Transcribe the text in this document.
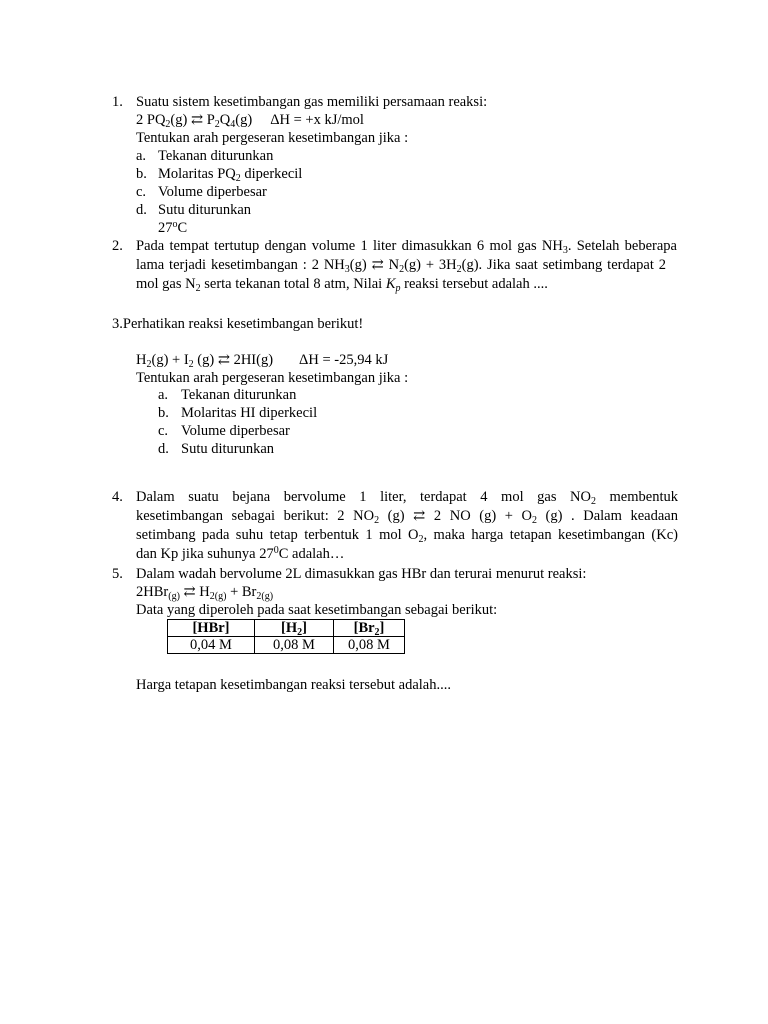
1. Suatu sistem kesetimbangan gas memiliki persamaan reaksi:
2 $PQ_2(g)$ ⇄ $P_2Q_4(g) \Delta H = +x$ kJ/mol
Tentukan arah pergeseran kesetimbangan jika :
a. Tekanan diturunkan
b. Molaritas $PQ_2$ diperkecil
c. Volume diperbesar
d. Sutu diturunkan
27$^o$C
2. Pada tempat tertutup dengan volume 1 liter dimasukkan 6 mol gas $NH_3$. Setelah beberapa
lama terjadi kesetimbangan : 2 $NH_3(g)$ ⇄ $N_2(g) + 3H_2(g)$. Jika saat setimbang terdapat 2
mol gas $N_2$ serta tekanan total 8 atm, Nilai $K_p$ reaksi tersebut adalah ....
3.Perhatikan reaksi kesetimbangan berikut!
$H_2(g) + I_2$ (g) ⇄ 2HI(g) ΔH = -25,94 kJ
Tentukan arah pergeseran kesetimbangan jika :
a. Tekanan diturunkan
b. Molaritas HI diperkecil
c. Volume diperbesar
d. Sutu diturunkan
4. Dalam suatu bejana bervolume 1 liter, terdapat 4 mol gas $NO_2$ membentuk
kesetimbangan sebagai berikut: 2 $NO_2$ (g) ⇄ 2 NO $(g) + O_2$ (g) . Dalam keadaan
setimbang pada suhu tetap terbentuk 1 mol $O_2$, maka harga tetapan kesetimbangan (Kc)
dan Kp jika suhunya $27^0C$ adalah…
5. Dalam wadah bervolume 2L dimasukkan gas HBr dan terurai menurut reaksi:
2HBr$_{(g)}$ ⇄ $H_{2(g)} + Br_{2(g)}$
Data yang diperoleh pada saat kesetimbangan sebagai berikut:
[HBr]	$[H_2]$	$[Br_2]$
0,04 M	0,08 M	0,08 M
Harga tetapan kesetimbangan reaksi tersebut adalah....
